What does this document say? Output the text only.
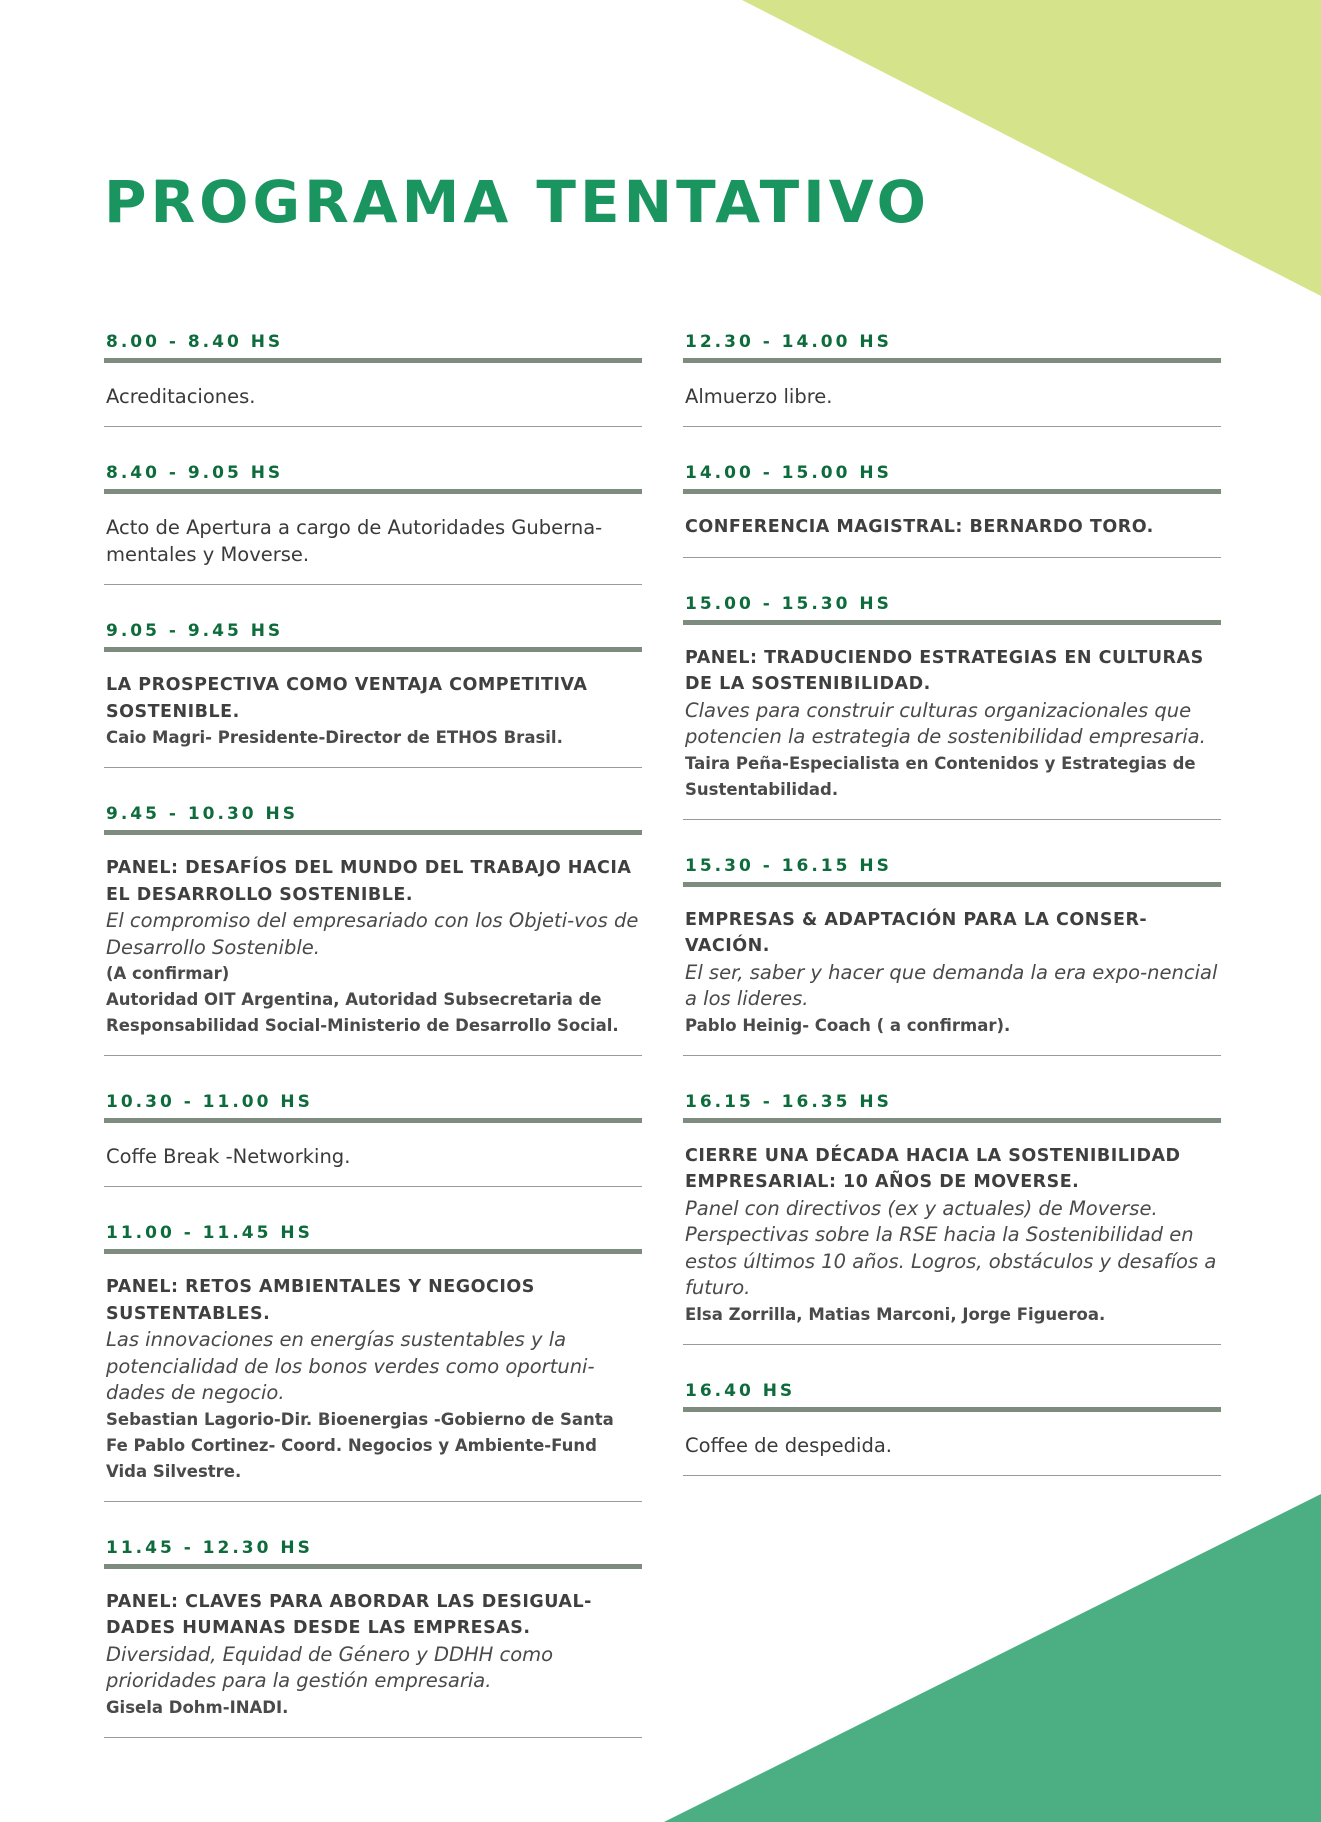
PROGRAMA TENTATIVO
8.00 - 8.40 HS
Acreditaciones.
8.40 - 9.05 HS
Acto de Apertura a cargo de Autoridades Guberna-mentales y Moverse.
9.05 - 9.45 HS
LA PROSPECTIVA COMO VENTAJA COMPETITIVA SOSTENIBLE.
Caio Magri- Presidente-Director de ETHOS Brasil.
9.45 - 10.30 HS
PANEL: DESAFÍOS DEL MUNDO DEL TRABAJO HACIA EL DESARROLLO SOSTENIBLE.
El compromiso del empresariado con los Objeti-vos de Desarrollo Sostenible.
(A confirmar)
Autoridad OIT Argentina, Autoridad Subsecretaria de Responsabilidad Social-Ministerio de Desarrollo Social.
10.30 - 11.00 HS
Coffe Break -Networking.
11.00 - 11.45 HS
PANEL: RETOS AMBIENTALES Y NEGOCIOS SUSTENTABLES.
Las innovaciones en energías sustentables y la potencialidad de los bonos verdes como oportuni-dades de negocio.
Sebastian Lagorio-Dir. Bioenergias -Gobierno de Santa Fe Pablo Cortinez- Coord. Negocios y Ambiente-Fund Vida Silvestre.
11.45 - 12.30 HS
PANEL: CLAVES PARA ABORDAR LAS DESIGUAL-DADES HUMANAS DESDE LAS EMPRESAS.
Diversidad, Equidad de Género y DDHH como prioridades para la gestión empresaria.
Gisela Dohm-INADI.
12.30 - 14.00 HS
Almuerzo libre.
14.00 - 15.00 HS
CONFERENCIA MAGISTRAL: BERNARDO TORO.
15.00 - 15.30 HS
PANEL: TRADUCIENDO ESTRATEGIAS EN CULTURAS DE LA SOSTENIBILIDAD.
Claves para construir culturas organizacionales que potencien la estrategia de sostenibilidad empresaria.
Taira Peña-Especialista en Contenidos y Estrategias de Sustentabilidad.
15.30 - 16.15 HS
EMPRESAS & ADAPTACIÓN PARA LA CONSER-VACIÓN.
El ser, saber y hacer que demanda la era expo-nencial a los lideres.
Pablo Heinig- Coach ( a confirmar).
16.15 - 16.35 HS
CIERRE UNA DÉCADA HACIA LA SOSTENIBILIDAD EMPRESARIAL: 10 AÑOS DE MOVERSE.
Panel con directivos (ex y actuales) de Moverse. Perspectivas sobre la RSE hacia la Sostenibilidad en estos últimos 10 años. Logros, obstáculos y desafíos a futuro.
Elsa Zorrilla, Matias Marconi, Jorge Figueroa.
16.40 HS
Coffee de despedida.
